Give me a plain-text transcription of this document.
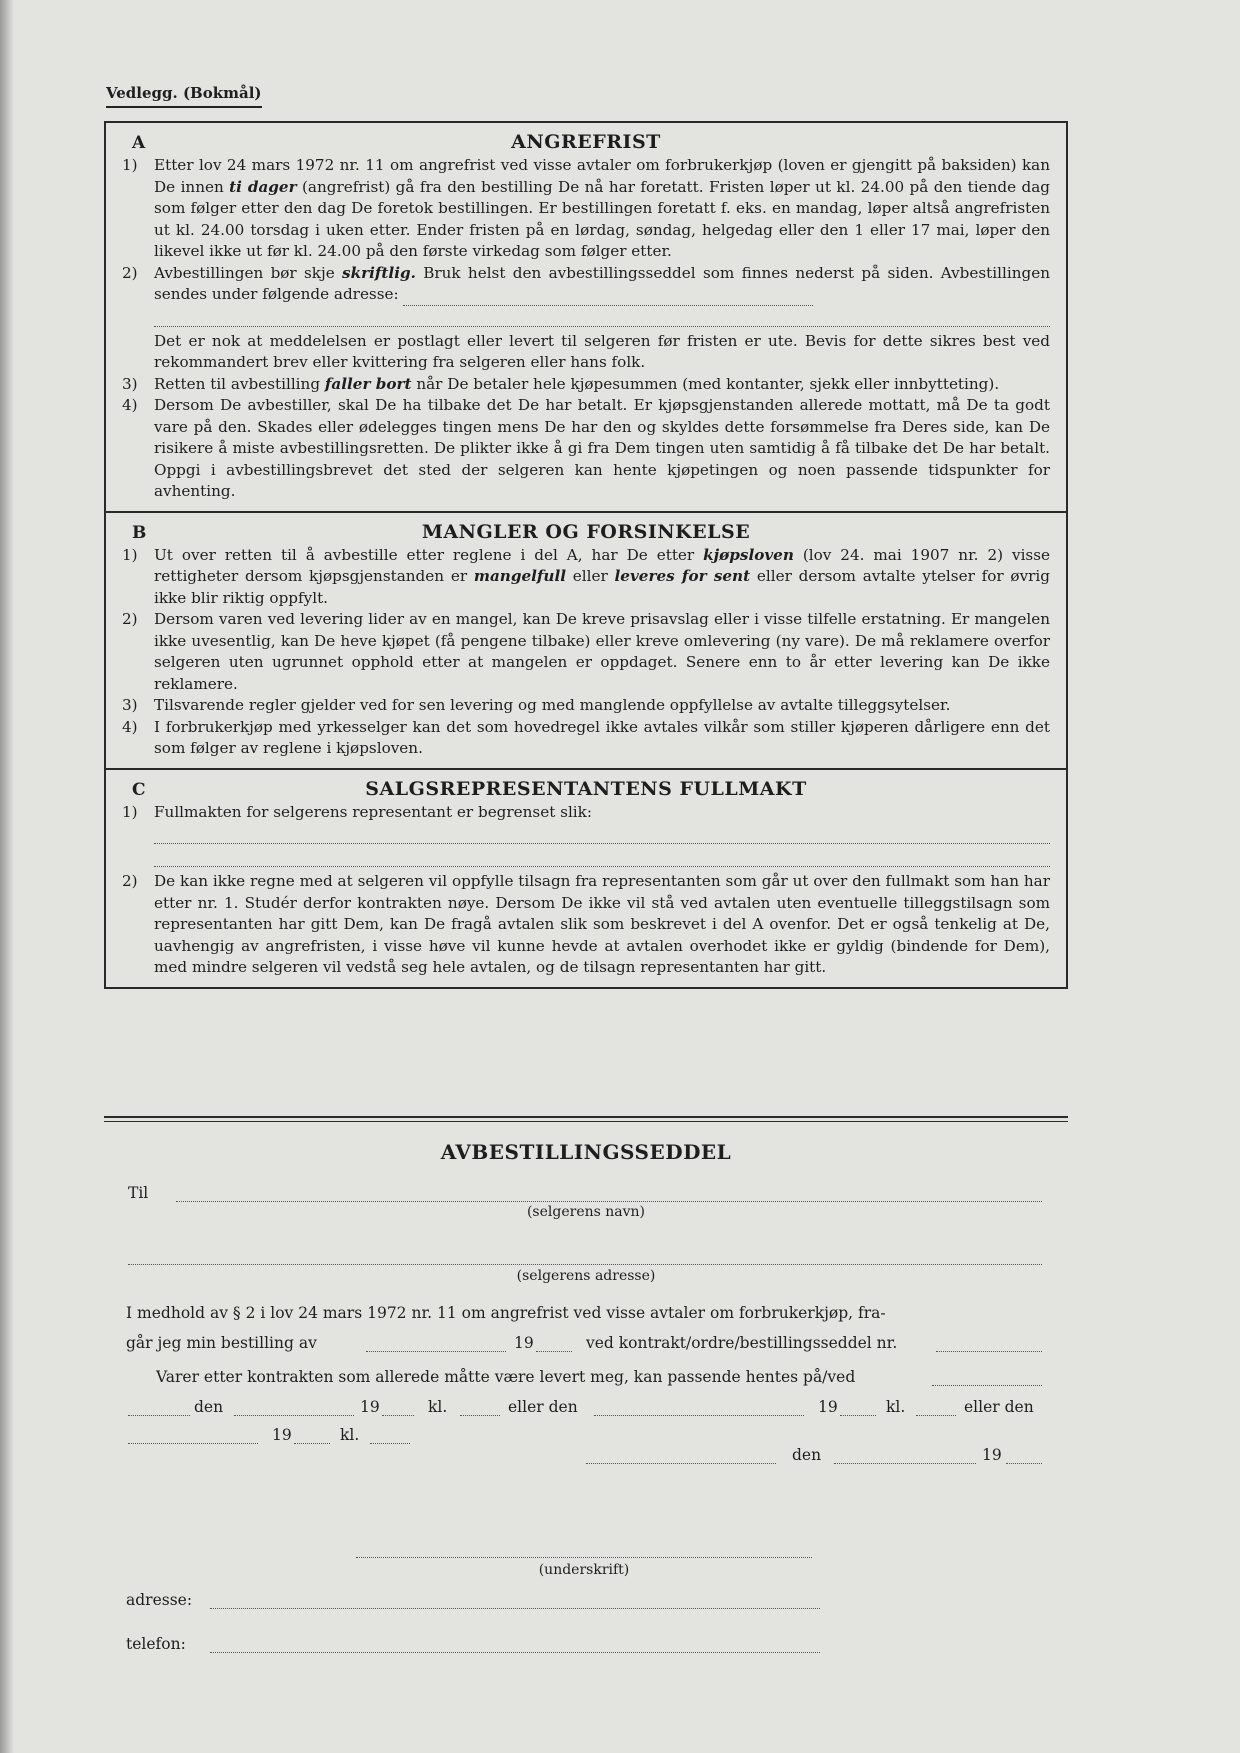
Vedlegg. (Bokmål)
A	ANGREFRIST
1)	Etter lov 24 mars 1972 nr. 11 om angrefrist ved visse avtaler om forbrukerkjøp (loven er gjengitt på baksiden) kan De innen ti dager (angrefrist) gå fra den bestilling De nå har foretatt. Fristen løper ut kl. 24.00 på den tiende dag som følger etter den dag De foretok bestillingen. Er bestillingen foretatt f. eks. en mandag, løper altså angrefristen ut kl. 24.00 torsdag i uken etter. Ender fristen på en lørdag, søndag, helgedag eller den 1 eller 17 mai, løper den likevel ikke ut før kl. 24.00 på den første virkedag som følger etter.
2)	Avbestillingen bør skje skriftlig. Bruk helst den avbestillingsseddel som finnes nederst på siden. Avbestillingen sendes under følgende adresse:
Det er nok at meddelelsen er postlagt eller levert til selgeren før fristen er ute. Bevis for dette sikres best ved rekommandert brev eller kvittering fra selgeren eller hans folk.
3)	Retten til avbestilling faller bort når De betaler hele kjøpesummen (med kontanter, sjekk eller innbytteting).
4)	Dersom De avbestiller, skal De ha tilbake det De har betalt. Er kjøpsgjenstanden allerede mottatt, må De ta godt vare på den. Skades eller ødelegges tingen mens De har den og skyldes dette forsømmelse fra Deres side, kan De risikere å miste avbestillingsretten. De plikter ikke å gi fra Dem tingen uten samtidig å få tilbake det De har betalt. Oppgi i avbestillingsbrevet det sted der selgeren kan hente kjøpetingen og noen passende tidspunkter for avhenting.
B	MANGLER OG FORSINKELSE
1)	Ut over retten til å avbestille etter reglene i del A, har De etter kjøpsloven (lov 24. mai 1907 nr. 2) visse rettigheter dersom kjøpsgjenstanden er mangelfull eller leveres for sent eller dersom avtalte ytelser for øvrig ikke blir riktig oppfylt.
2)	Dersom varen ved levering lider av en mangel, kan De kreve prisavslag eller i visse tilfelle erstatning. Er mangelen ikke uvesentlig, kan De heve kjøpet (få pengene tilbake) eller kreve omlevering (ny vare). De må reklamere overfor selgeren uten ugrunnet opphold etter at mangelen er oppdaget. Senere enn to år etter levering kan De ikke reklamere.
3)	Tilsvarende regler gjelder ved for sen levering og med manglende oppfyllelse av avtalte tilleggsytelser.
4)	I forbrukerkjøp med yrkesselger kan det som hovedregel ikke avtales vilkår som stiller kjøperen dårligere enn det som følger av reglene i kjøpsloven.
C	SALGSREPRESENTANTENS FULLMAKT
1)	Fullmakten for selgerens representant er begrenset slik:
2)	De kan ikke regne med at selgeren vil oppfylle tilsagn fra representanten som går ut over den fullmakt som han har etter nr. 1. Studér derfor kontrakten nøye. Dersom De ikke vil stå ved avtalen uten eventuelle tilleggstilsagn som representanten har gitt Dem, kan De fragå avtalen slik som beskrevet i del A ovenfor. Det er også tenkelig at De, uavhengig av angrefristen, i visse høve vil kunne hevde at avtalen overhodet ikke er gyldig (bindende for Dem), med mindre selgeren vil vedstå seg hele avtalen, og de tilsagn representanten har gitt.
AVBESTILLINGSSEDDEL
Til
(selgerens navn)
(selgerens adresse)
I medhold av § 2 i lov 24 mars 1972 nr. 11 om angrefrist ved visse avtaler om forbrukerkjøp, fra-
går jeg min bestilling av	19	ved kontrakt/ordre/bestillingsseddel nr.
Varer etter kontrakten som allerede måtte være levert meg, kan passende hentes på/ved
den	19	kl.	eller den	19	kl.	eller den
19	kl.
den	19
(underskrift)
adresse:
telefon:
